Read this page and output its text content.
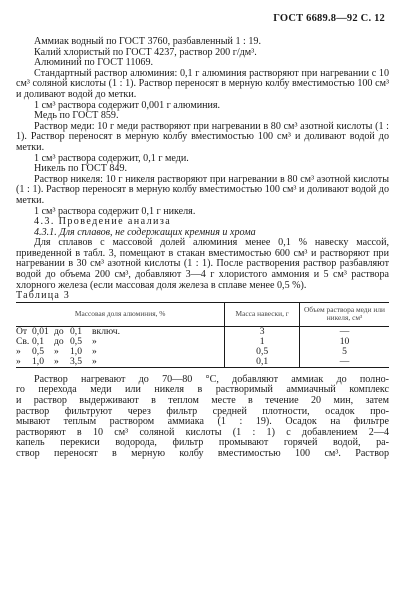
ГОСТ 6689.8—92 С. 12

Аммиак водный по ГОСТ 3760, разбавленный 1 : 19.

Калий хлористый по ГОСТ 4237, раствор 200 г/дм³.

Алюминий по ГОСТ 11069.

Стандартный раствор алюминия: 0,1 г алюминия растворяют при нагревании с 10 см³ соляной кислоты (1 : 1). Раствор переносят в мерную колбу вместимостью 100 см³ и доливают водой до метки.

1 см³ раствора содержит 0,001 г алюминия.

Медь по ГОСТ 859.

Раствор меди: 10 г меди растворяют при нагревании в 80 см³ азотной кислоты (1 : 1). Раствор переносят в мерную колбу вместимостью 100 см³ и доливают водой до метки.

1 см³ раствора содержит, 0,1 г меди.

Никель по ГОСТ 849.

Раствор никеля: 10 г никеля растворяют при нагревании в 80 см³ азотной кислоты (1 : 1). Раствор переносят в мерную колбу вместимостью 100 см³ и доливают водой до метки.

1 см³ раствора содержит 0,1 г никеля.

4.3. Проведение анализа

4.3.1. Для сплавов, не содержащих кремния и хрома

Для сплавов с массовой долей алюминия менее 0,1 % навеску массой, приведенной в табл. 3, помещают в стакан вместимостью 600 см³ и растворяют при нагревании в 30 см³ азотной кислоты (1 : 1). После растворения раствор разбавляют водой до объема 200 см³, добавляют 3—4 г хлористого аммония и 5 см³ раствора хлорного железа (если массовая доля железа в сплаве менее 0,5 %).

Таблица 3

Массовая доля алюминия, %	Масса навески, г	Объем раствора меди или никеля, см³
От 0,01 до 0,1 включ.	3	—
Св. 0,1 до 0,5 »	1	10
» 0,5 » 1,0 »	0,5	5
» 1,0 » 3,5 »	0,1	—

Раствор нагревают до 70—80 °C, добавляют аммиак до полно-

го перехода меди или никеля в растворимый аммиачный комплекс

и раствор выдерживают в теплом месте в течение 20 мин, затем

раствор фильтруют через фильтр средней плотности, осадок про-

мывают теплым раствором аммиака (1 : 19). Осадок на фильтре

растворяют в 10 см³ соляной кислоты (1 : 1) с добавлением 2—4

капель перекиси водорода, фильтр промывают горячей водой, ра-

створ переносят в мерную колбу вместимостью 100 см³. Раствор
